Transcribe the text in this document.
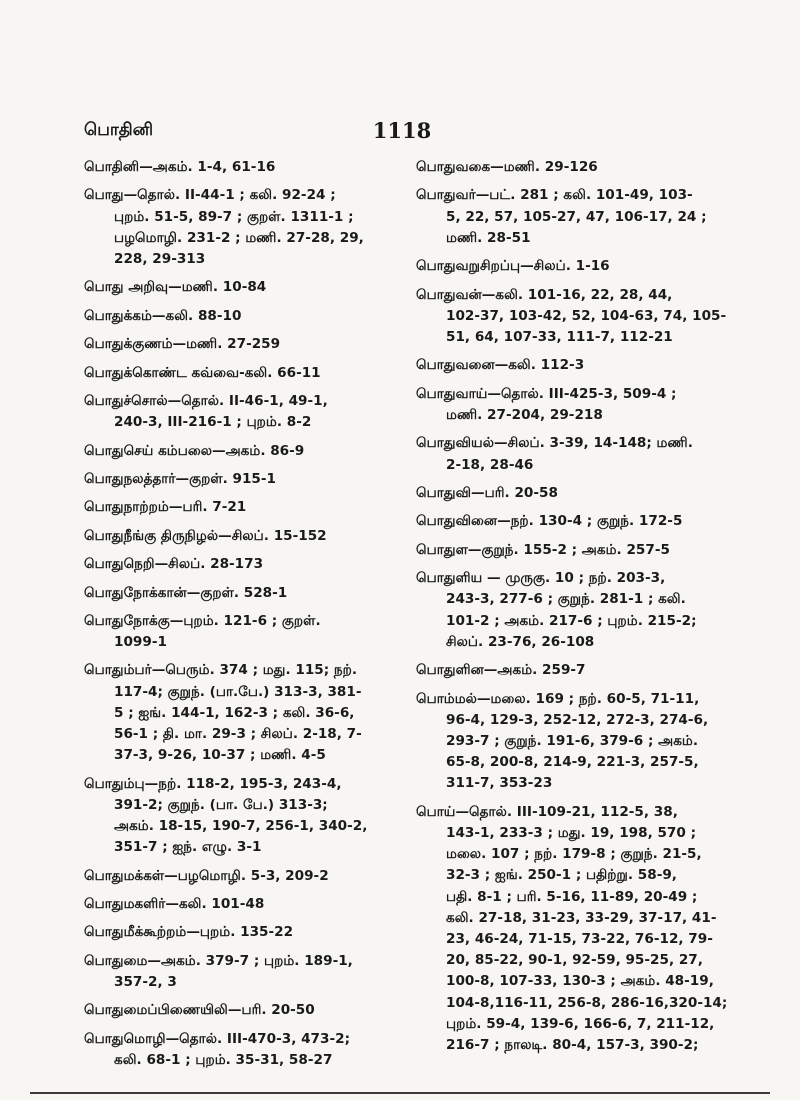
பொதினி	1118
பொதினி—அகம். 1-4, 61-16
பொது—தொல். II-44-1 ; கலி. 92-24 ;
புறம். 51-5, 89-7 ; குறள். 1311-1 ;
பழமொழி. 231-2 ; மணி. 27-28, 29,
228, 29-313
பொது அறிவு—மணி. 10-84
பொதுக்கம்—கலி. 88-10
பொதுக்குணம்—மணி. 27-259
பொதுக்கொண்ட கவ்வை-கலி. 66-11
பொதுச்சொல்—தொல். II-46-1, 49-1,
240-3, III-216-1 ; புறம். 8-2
பொதுசெய் கம்பலை—அகம். 86-9
பொதுநலத்தார்—குறள். 915-1
பொதுநாற்றம்—பரி. 7-21
பொதுநீங்கு திருநிழல்—சிலப். 15-152
பொதுநெறி—சிலப். 28-173
பொதுநோக்கான்—குறள். 528-1
பொதுநோக்கு—புறம். 121-6 ; குறள்.
1099-1
பொதும்பர்—பெரும். 374 ; மது. 115; நற்.
117-4; குறுந். (பா.பே.) 313-3, 381-
5 ; ஐங். 144-1, 162-3 ; கலி. 36-6,
56-1 ; தி. மா. 29-3 ; சிலப். 2-18, 7-
37-3, 9-26, 10-37 ; மணி. 4-5
பொதும்பு—நற். 118-2, 195-3, 243-4,
391-2; குறுந். (பா. பே.) 313-3;
அகம். 18-15, 190-7, 256-1, 340-2,
351-7 ; ஐந். எழு. 3-1
பொதுமக்கள்—பழமொழி. 5-3, 209-2
பொதுமகளிர்—கலி. 101-48
பொதுமீக்கூற்றம்—புறம். 135-22
பொதுமை—அகம். 379-7 ; புறம். 189-1,
357-2, 3
பொதுமைப்பிணையிலி—பரி. 20-50
பொதுமொழி—தொல். III-470-3, 473-2;
கலி. 68-1 ; புறம். 35-31, 58-27
பொதுவகை—மணி. 29-126
பொதுவர்—பட். 281 ; கலி. 101-49, 103-
5, 22, 57, 105-27, 47, 106-17, 24 ;
மணி. 28-51
பொதுவறுசிறப்பு—சிலப். 1-16
பொதுவன்—கலி. 101-16, 22, 28, 44,
102-37, 103-42, 52, 104-63, 74, 105-
51, 64, 107-33, 111-7, 112-21
பொதுவனை—கலி. 112-3
பொதுவாய்—தொல். III-425-3, 509-4 ;
மணி. 27-204, 29-218
பொதுவியல்—சிலப். 3-39, 14-148; மணி.
2-18, 28-46
பொதுவி—பரி. 20-58
பொதுவினை—நற். 130-4 ; குறுந். 172-5
பொதுள—குறுந். 155-2 ; அகம். 257-5
பொதுளிய — முருகு. 10 ; நற். 203-3,
243-3, 277-6 ; குறுந். 281-1 ; கலி.
101-2 ; அகம். 217-6 ; புறம். 215-2;
சிலப். 23-76, 26-108
பொதுளின—அகம். 259-7
பொம்மல்—மலை. 169 ; நற். 60-5, 71-11,
96-4, 129-3, 252-12, 272-3, 274-6,
293-7 ; குறுந். 191-6, 379-6 ; அகம்.
65-8, 200-8, 214-9, 221-3, 257-5,
311-7, 353-23
பொய்—தொல். III-109-21, 112-5, 38,
143-1, 233-3 ; மது. 19, 198, 570 ;
மலை. 107 ; நற். 179-8 ; குறுந். 21-5,
32-3 ; ஐங். 250-1 ; பதிற்று. 58-9,
பதி. 8-1 ; பரி. 5-16, 11-89, 20-49 ;
கலி. 27-18, 31-23, 33-29, 37-17, 41-
23, 46-24, 71-15, 73-22, 76-12, 79-
20, 85-22, 90-1, 92-59, 95-25, 27,
100-8, 107-33, 130-3 ; அகம். 48-19,
104-8,116-11, 256-8, 286-16,320-14;
புறம். 59-4, 139-6, 166-6, 7, 211-12,
216-7 ; நாலடி. 80-4, 157-3, 390-2;
